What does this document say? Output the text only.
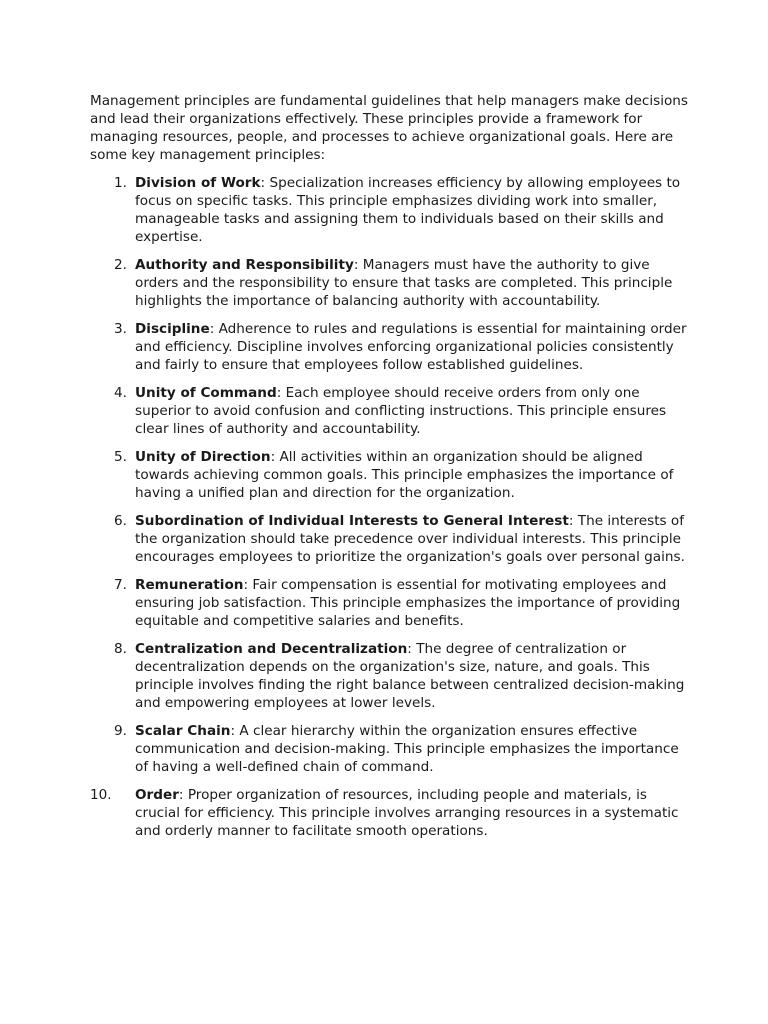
Management principles are fundamental guidelines that help managers make decisions and lead their organizations effectively. These principles provide a framework for managing resources, people, and processes to achieve organizational goals. Here are some key management principles:

1. Division of Work: Specialization increases efficiency by allowing employees to focus on specific tasks. This principle emphasizes dividing work into smaller, manageable tasks and assigning them to individuals based on their skills and expertise.
2. Authority and Responsibility: Managers must have the authority to give orders and the responsibility to ensure that tasks are completed. This principle highlights the importance of balancing authority with accountability.
3. Discipline: Adherence to rules and regulations is essential for maintaining order and efficiency. Discipline involves enforcing organizational policies consistently and fairly to ensure that employees follow established guidelines.
4. Unity of Command: Each employee should receive orders from only one superior to avoid confusion and conflicting instructions. This principle ensures clear lines of authority and accountability.
5. Unity of Direction: All activities within an organization should be aligned towards achieving common goals. This principle emphasizes the importance of having a unified plan and direction for the organization.
6. Subordination of Individual Interests to General Interest: The interests of the organization should take precedence over individual interests. This principle encourages employees to prioritize the organization's goals over personal gains.
7. Remuneration: Fair compensation is essential for motivating employees and ensuring job satisfaction. This principle emphasizes the importance of providing equitable and competitive salaries and benefits.
8. Centralization and Decentralization: The degree of centralization or decentralization depends on the organization's size, nature, and goals. This principle involves finding the right balance between centralized decision-making and empowering employees at lower levels.
9. Scalar Chain: A clear hierarchy within the organization ensures effective communication and decision-making. This principle emphasizes the importance of having a well-defined chain of command.
10.	Order: Proper organization of resources, including people and materials, is crucial for efficiency. This principle involves arranging resources in a systematic and orderly manner to facilitate smooth operations.
